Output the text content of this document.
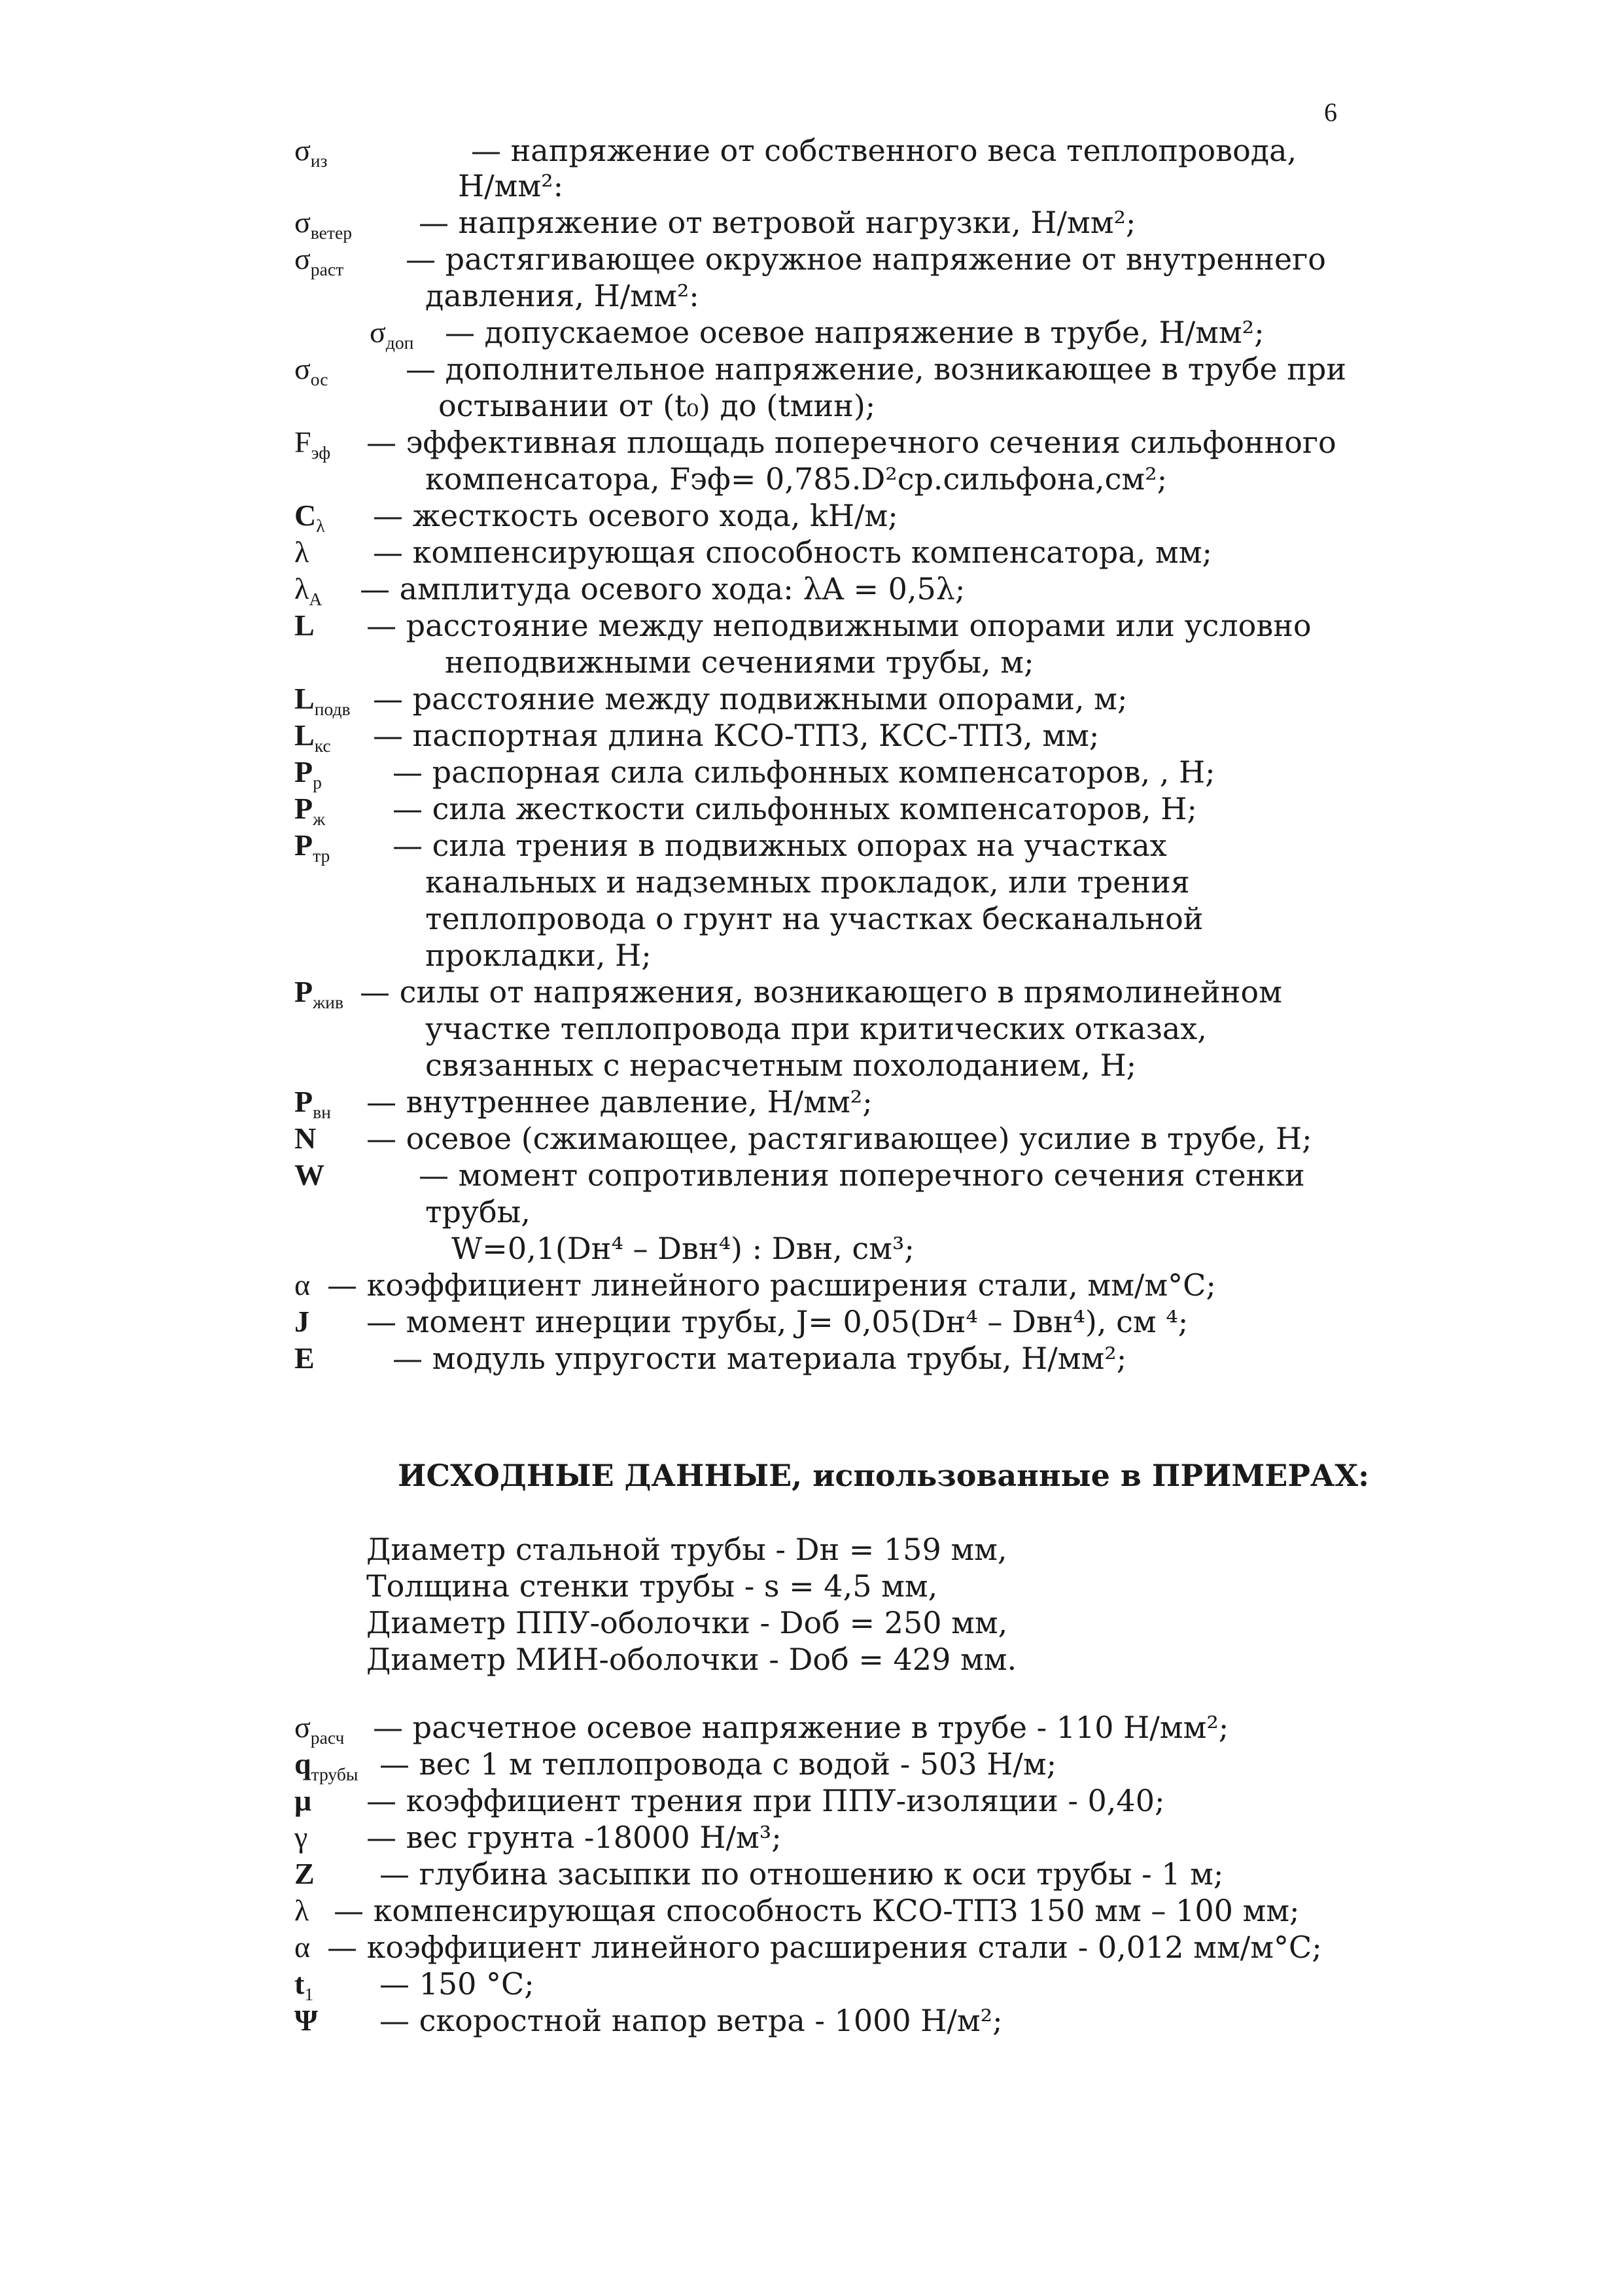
6
$\sigma_{из}$	— напряжение от собственного веса теплопровода,
Н/мм²:
$\sigma_{ветер}$ — напряжение от ветровой нагрузки, Н/мм²;
$\sigma_{раст}$ — растягивающее окружное напряжение от внутреннего
давления, Н/мм²:
$\sigma_{доп}$ — допускаемое осевое напряжение в трубе, Н/мм²;
$\sigma_{ос}$	— дополнительное напряжение, возникающее в трубе при
остывании от (t₀) до (tмин);
$F_{эф}$ — эффективная площадь поперечного сечения сильфонного
компенсатора, Fэф= 0,785.D²ср.сильфона,см²;
$C_\lambda$ — жесткость осевого хода, kН/м;
λ — компенсирующая способность компенсатора, мм;
$\lambda_А$ — амплитуда осевого хода: λA = 0,5λ;
L — расстояние между неподвижными опорами или условно
неподвижными сечениями трубы, м;
$L_{подв}$ — расстояние между подвижными опорами, м;
$L_{кс}$ — паспортная длина КСО-ТПЗ, КСС-ТПЗ, мм;
$P_р$ — распорная сила сильфонных компенсаторов, , Н;
$P_ж$ — сила жесткости сильфонных компенсаторов, Н;
$P_{тр}$ — сила трения в подвижных опорах на участках
канальных и надземных прокладок, или трения
теплопровода о грунт на участках бесканальной
прокладки, Н;
$P_{жив}$ — силы от напряжения, возникающего в прямолинейном
участке теплопровода при критических отказах,
связанных с нерасчетным похолоданием, Н;
$P_{вн}$ — внутреннее давление, Н/мм²;
N — осевое (сжимающее, растягивающее) усилие в трубе, Н;
W	— момент сопротивления поперечного сечения стенки
трубы,
W=0,1(Dн⁴ – Dвн⁴) : Dвн, см³;
α — коэффициент линейного расширения стали, мм/м°С;
J — момент инерции трубы, J= 0,05(Dн⁴ – Dвн⁴), см ⁴;
E	— модуль упругости материала трубы, Н/мм²;
ИСХОДНЫЕ ДАННЫЕ, использованные в ПРИМЕРАХ:
Диаметр стальной трубы - Dн = 159 мм,
Толщина стенки трубы - s = 4,5 мм,
Диаметр ППУ-оболочки - Dоб = 250 мм,
Диаметр МИН-оболочки - Dоб = 429 мм.
$\sigma_{расч}$ — расчетное осевое напряжение в трубе - 110 Н/мм²;
$q_{трубы}$ — вес 1 м теплопровода с водой - 503 Н/м;
μ — коэффициент трения при ППУ-изоляции - 0,40;
γ — вес грунта -18000 Н/м³;
Z — глубина засыпки по отношению к оси трубы - 1 м;
λ — компенсирующая способность КСО-ТПЗ 150 мм – 100 мм;
α — коэффициент линейного расширения стали - 0,012 мм/м°С;
$t_1$ — 150 °С;
Ψ — скоростной напор ветра - 1000 Н/м²;
